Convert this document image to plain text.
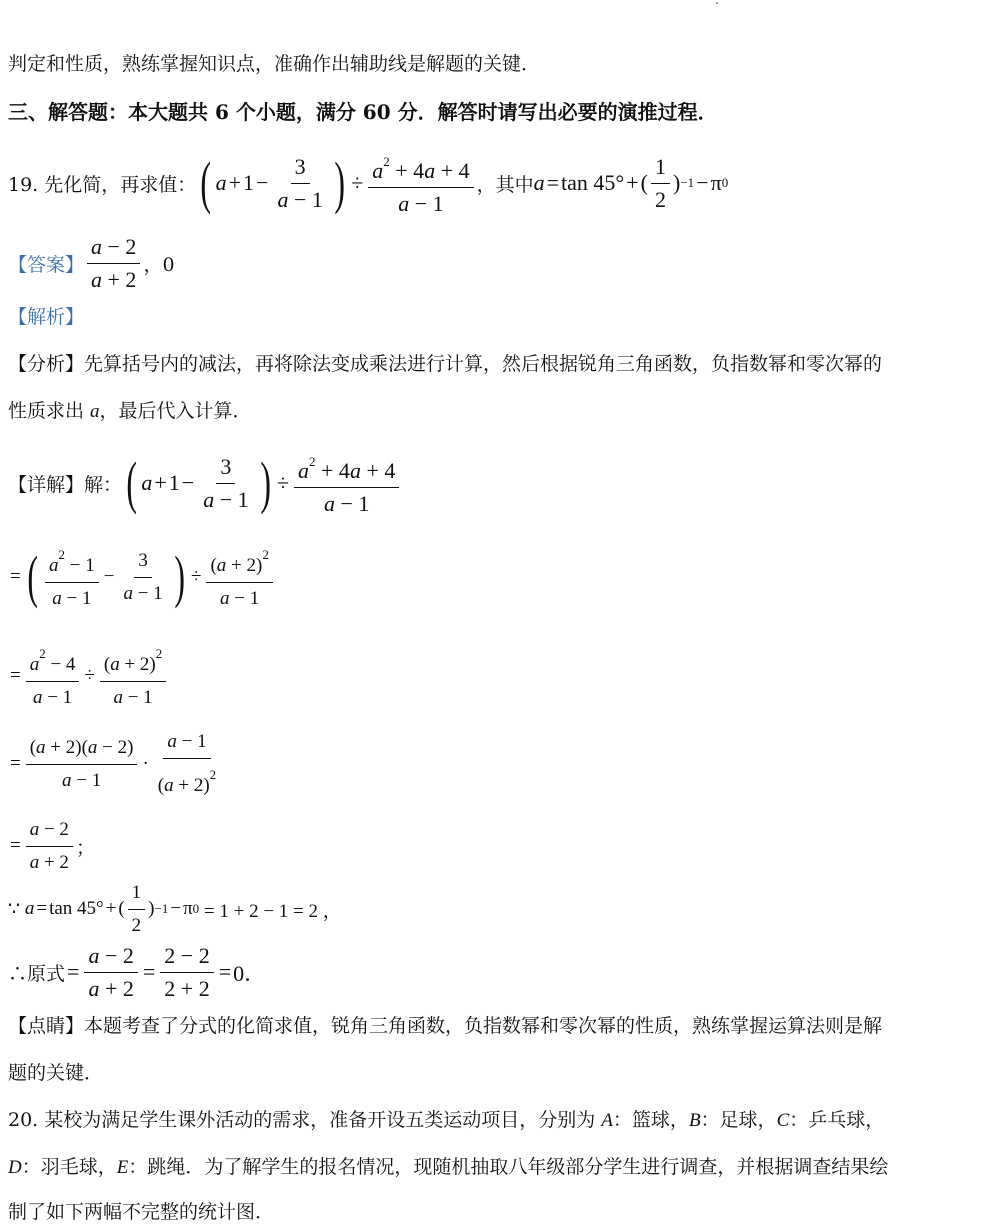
判定和性质，熟练掌握知识点，准确作出辅助线是解题的关键．
三、解答题：本大题共 6 个小题，满分 60 分．解答时请写出必要的演推过程．
19. 先化简，再求值： ( $a + 1 - \frac{3}{a - 1}$ ) ÷ $\frac{a^2 + 4a + 4}{a - 1}$ ，其中 a = tan 45° + ( $\frac{1}{2}$ ) −1 − π 0
【答案】 $\frac{a - 2}{a + 2}$ ，0
【解析】
【分析】先算括号内的减法，再将除法变成乘法进行计算，然后根据锐角三角函数，负指数幂和零次幂的
性质求出 a，最后代入计算．
【详解】解： ( $a + 1 - \frac{3}{a - 1}$ ) ÷ $\frac{a^2 + 4a + 4}{a - 1}$
= ( $\frac{a^2 - 1}{a - 1} - \frac{3}{a - 1}$ ) ÷ $\frac{(a + 2)^2}{a - 1}$
= $\frac{a^2 - 4}{a - 1} \div \frac{(a + 2)^2}{a - 1}$
= $\frac{(a + 2)(a - 2)}{a - 1} \cdot \frac{a - 1}{(a + 2)^2}$
= $\frac{a - 2}{a + 2}$ ；
∵
a = tan 45° + ( $\frac{1}{2}$ ) −1 − π 0
= 1 + 2 − 1 = 2 ，
∴原式 = $\frac{a - 2}{a + 2} = \frac{2 - 2}{2 + 2} = 0$．
【点睛】本题考查了分式的化简求值，锐角三角函数，负指数幂和零次幂的性质，熟练掌握运算法则是解
题的关键．
20. 某校为满足学生课外活动的需求，准备开设五类运动项目，分别为 A：篮球，B：足球，C：乒乓球，
D：羽毛球，E：跳绳．为了解学生的报名情况，现随机抽取八年级部分学生进行调查，并根据调查结果绘
制了如下两幅不完整的统计图．
